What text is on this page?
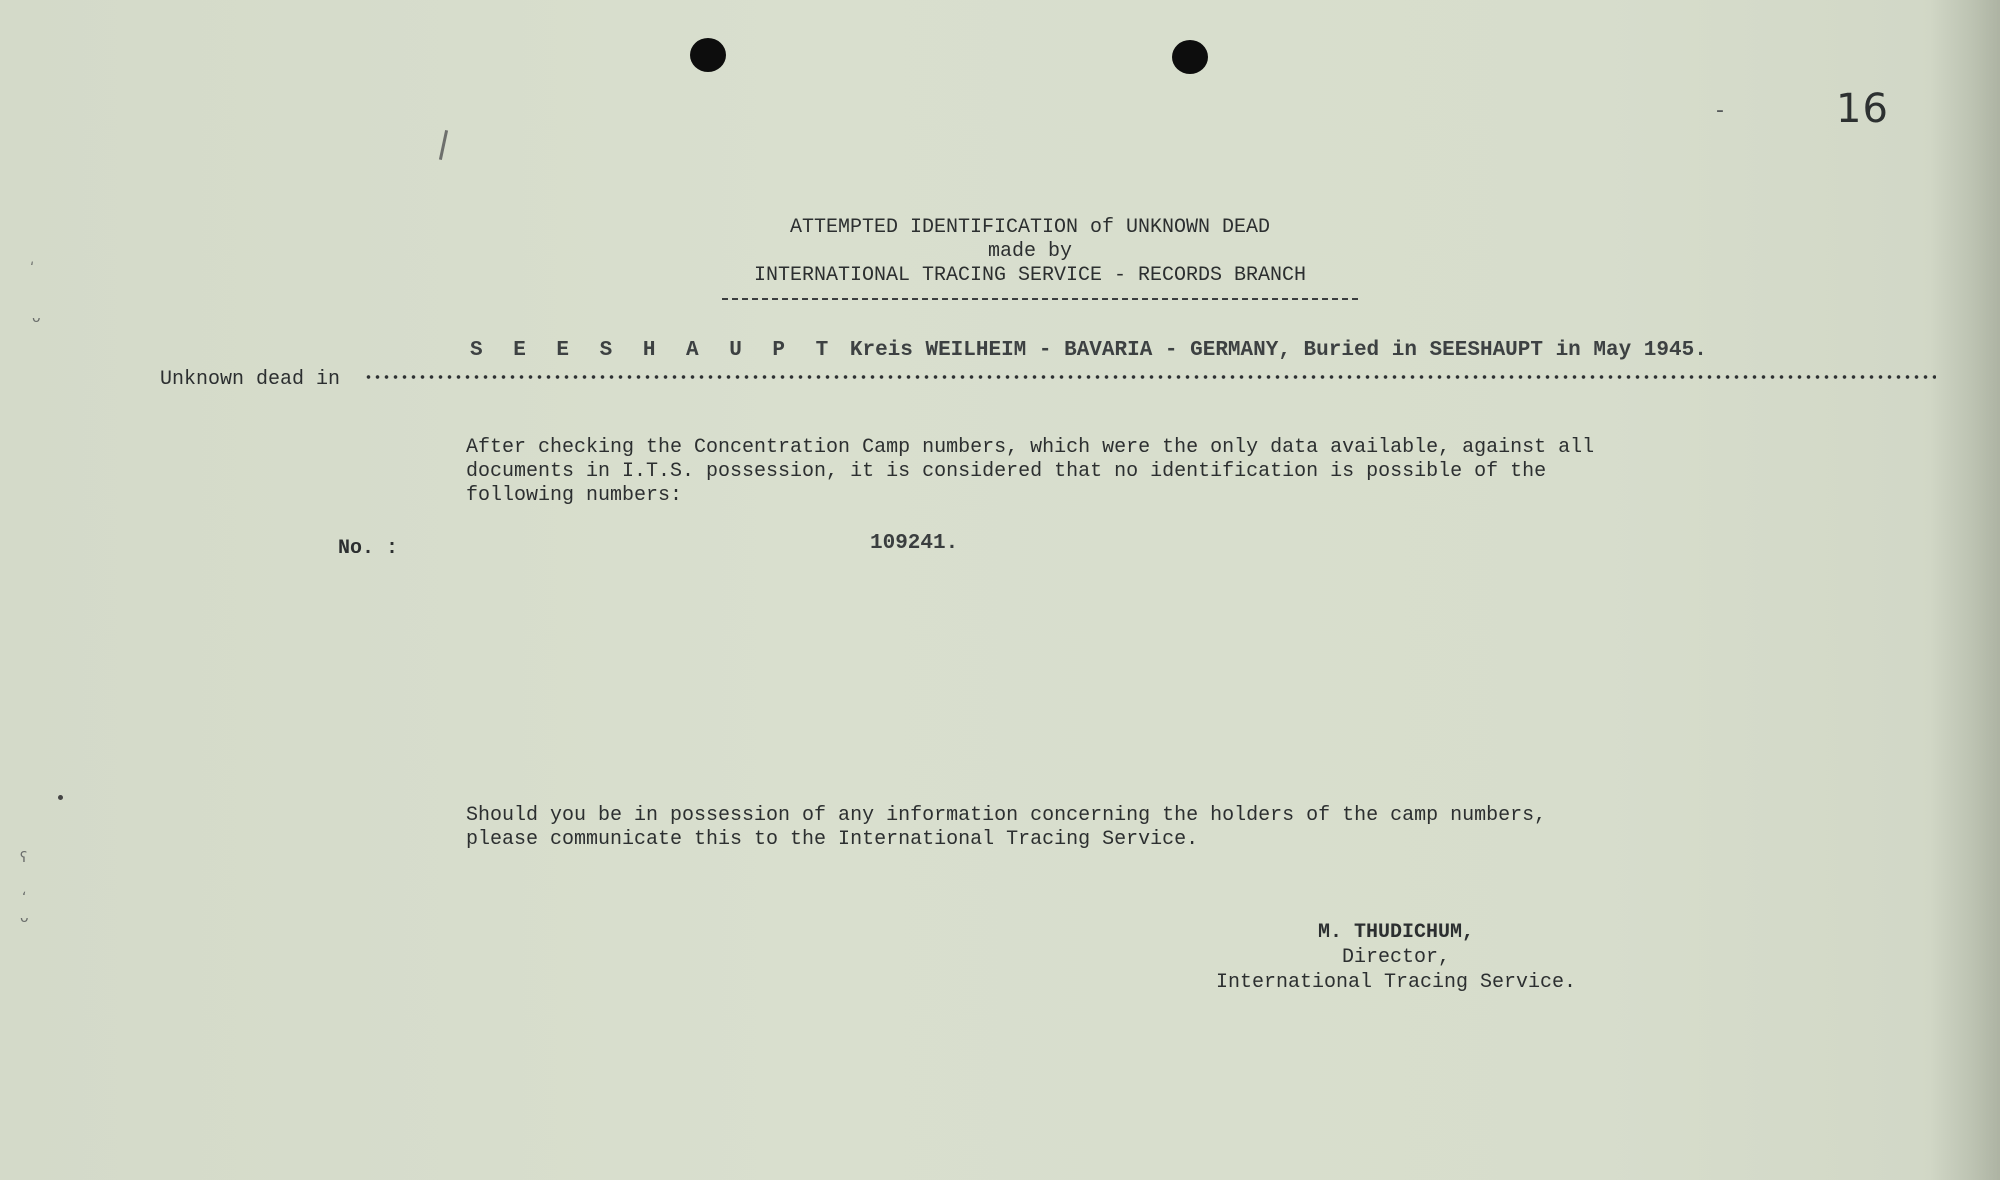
͵
ᴗ
ʕ
ʻ
ᴗ
-	16
ATTEMPTED IDENTIFICATION of UNKNOWN DEAD
made by
INTERNATIONAL TRACING SERVICE - RECORDS BRANCH
S E E S H A U P T Kreis WEILHEIM - BAVARIA - GERMANY, Buried in SEESHAUPT in May 1945.
Unknown dead in
After checking the Concentration Camp numbers, which were the only data available, against all
documents in I.T.S. possession, it is considered that no identification is possible of the
following numbers:
No. :	109241.
Should you be in possession of any information concerning the holders of the camp numbers,
please communicate this to the International Tracing Service.
M. THUDICHUM,
Director,
International Tracing Service.
